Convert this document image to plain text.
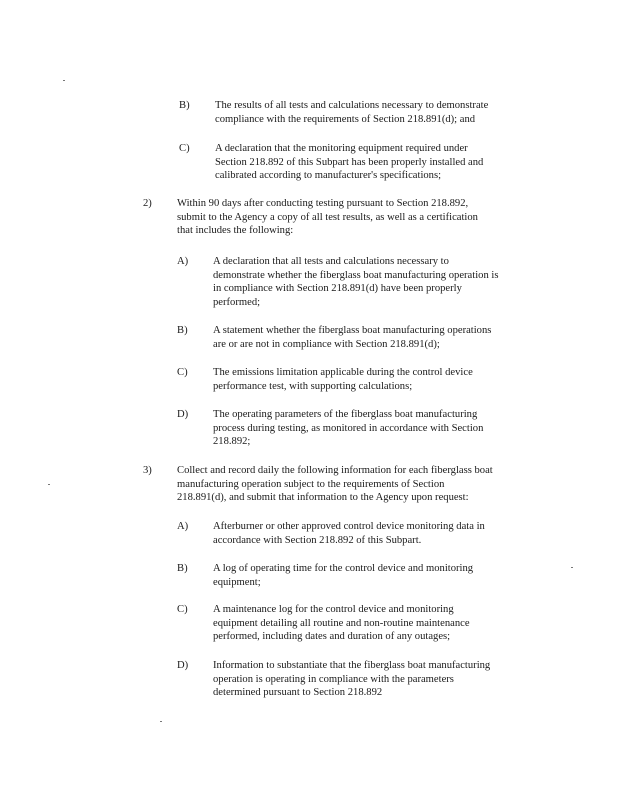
B) The results of all tests and calculations necessary to demonstrate
compliance with the requirements of Section 218.891(d); and
C) A declaration that the monitoring equipment required under
Section 218.892 of this Subpart has been properly installed and
calibrated according to manufacturer's specifications;
2) Within 90 days after conducting testing pursuant to Section 218.892,
submit to the Agency a copy of all test results, as well as a certification
that includes the following:
A) A declaration that all tests and calculations necessary to
demonstrate whether the fiberglass boat manufacturing operation is
in compliance with Section 218.891(d) have been properly
performed;
B) A statement whether the fiberglass boat manufacturing operations
are or are not in compliance with Section 218.891(d);
C) The emissions limitation applicable during the control device
performance test, with supporting calculations;
D) The operating parameters of the fiberglass boat manufacturing
process during testing, as monitored in accordance with Section
218.892;
3) Collect and record daily the following information for each fiberglass boat
manufacturing operation subject to the requirements of Section
218.891(d), and submit that information to the Agency upon request:
A) Afterburner or other approved control device monitoring data in
accordance with Section 218.892 of this Subpart.
B) A log of operating time for the control device and monitoring
equipment;
C) A maintenance log for the control device and monitoring
equipment detailing all routine and non-routine maintenance
performed, including dates and duration of any outages;
D) Information to substantiate that the fiberglass boat manufacturing
operation is operating in compliance with the parameters
determined pursuant to Section 218.892
